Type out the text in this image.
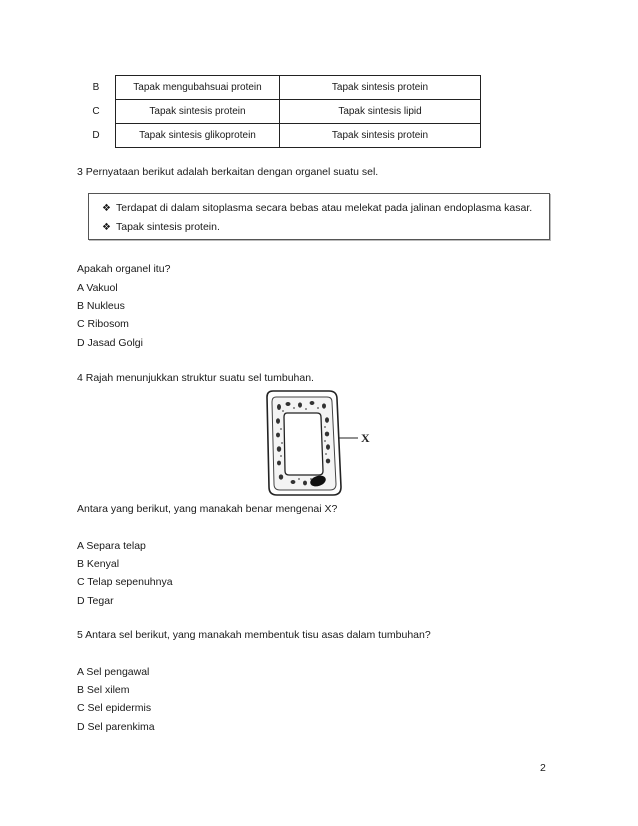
B	Tapak mengubahsuai protein	Tapak sintesis protein
C	Tapak sintesis protein	Tapak sintesis lipid
D	Tapak sintesis glikoprotein	Tapak sintesis protein
3 Pernyataan berikut adalah berkaitan dengan organel suatu sel.
❖ Terdapat di dalam sitoplasma secara bebas atau melekat pada jalinan endoplasma kasar.
❖ Tapak sintesis protein.
Apakah organel itu?
A Vakuol
B Nukleus
C Ribosom
D Jasad Golgi
4 Rajah menunjukkan struktur suatu sel tumbuhan.
X
Antara yang berikut, yang manakah benar mengenai X?
A Separa telap
B Kenyal
C Telap sepenuhnya
D Tegar
5 Antara sel berikut, yang manakah membentuk tisu asas dalam tumbuhan?
A Sel pengawal
B Sel xilem
C Sel epidermis
D Sel parenkima
2
